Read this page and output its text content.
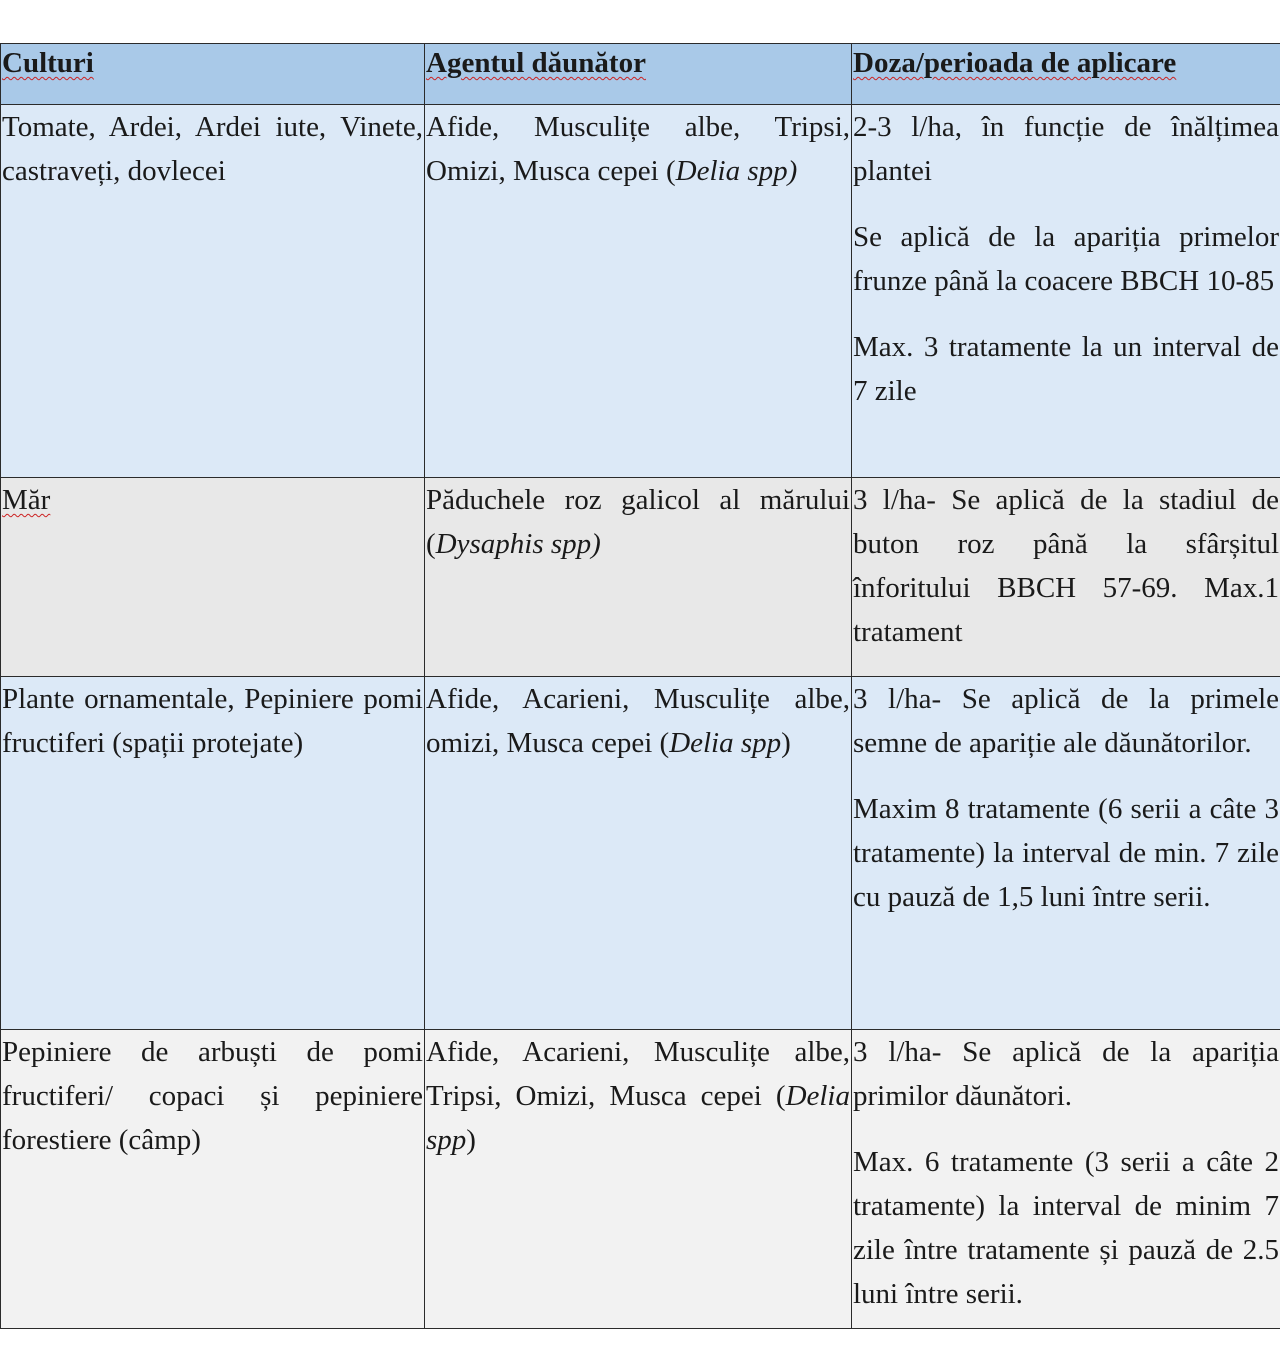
Culturi	Agentul dăunător	Doza/perioada de aplicare

Tomate, Ardei, Ardei iute, Vinete, castraveți, dovlecei	Afide, Musculițe albe, Tripsi, Omizi, Musca cepei (Delia spp)	2-3 l/ha, în funcție de înălțimea plantei

Se aplică de la apariția primelor frunze până la coacere BBCH 10-85

Max. 3 tratamente la un interval de 7 zile

Măr	Păduchele roz galicol al mărului (Dysaphis spp)	3 l/ha- Se aplică de la stadiul de buton roz până la sfârșitul înforitului BBCH 57-69. Max.1 tratament

Plante ornamentale, Pepiniere pomi fructiferi (spații protejate)	Afide, Acarieni, Musculițe albe, omizi, Musca cepei (Delia spp)	3 l/ha- Se aplică de la primele semne de apariție ale dăunătorilor.

Maxim 8 tratamente (6 serii a câte 3 tratamente) la interval de min. 7 zile cu pauză de 1,5 luni între serii.

Pepiniere de arbuști de pomi fructiferi/ copaci și pepiniere forestiere (câmp)	Afide, Acarieni, Musculițe albe, Tripsi, Omizi, Musca cepei (Delia spp)	3 l/ha- Se aplică de la apariția primilor dăunători.

Max. 6 tratamente (3 serii a câte 2 tratamente) la interval de minim 7 zile între tratamente și pauză de 2.5 luni între serii.
